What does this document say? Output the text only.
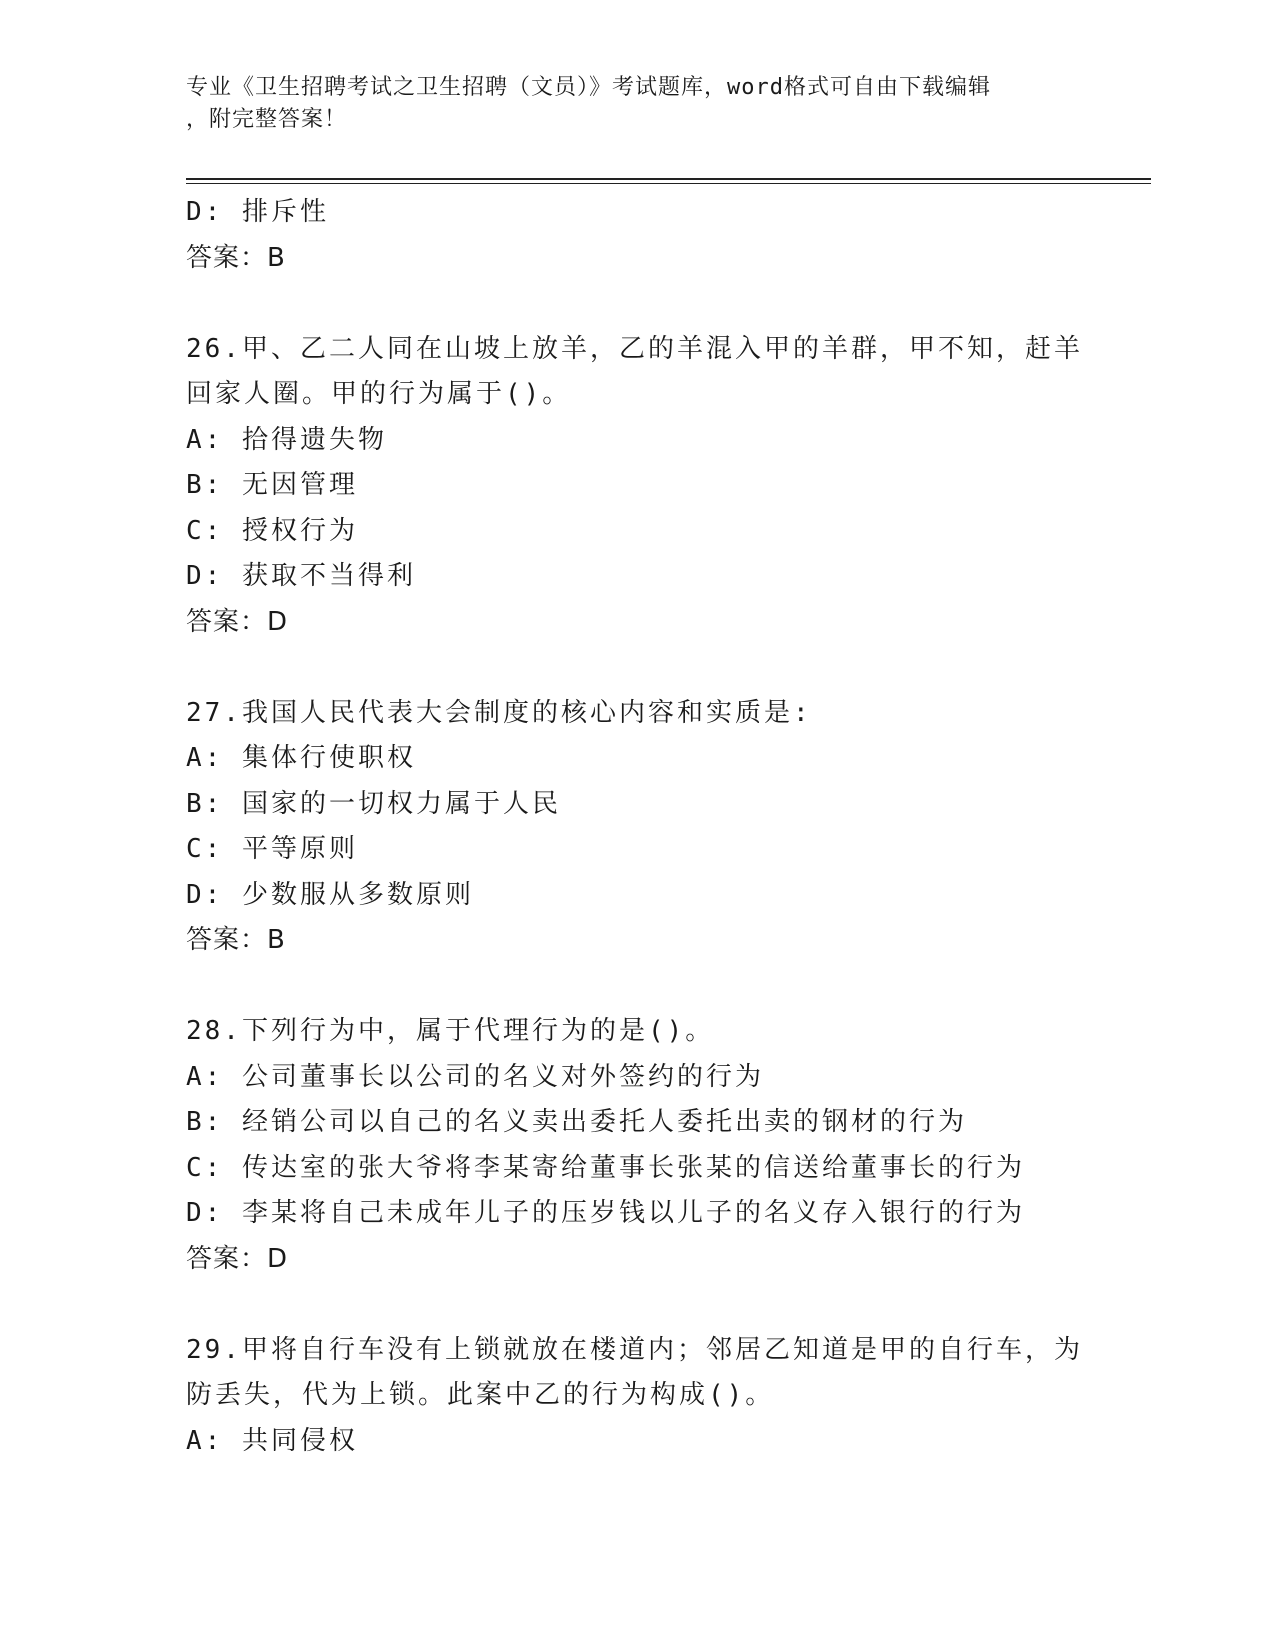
专业《卫生招聘考试之卫生招聘（文员）》考试题库，word格式可自由下载编辑
，附完整答案！
D: 排斥性
答案：B
26.甲、乙二人同在山坡上放羊，乙的羊混入甲的羊群，甲不知，赶羊
回家人圈。甲的行为属于()。
A: 拾得遗失物
B: 无因管理
C: 授权行为
D: 获取不当得利
答案：D
27.我国人民代表大会制度的核心内容和实质是:
A: 集体行使职权
B: 国家的一切权力属于人民
C: 平等原则
D: 少数服从多数原则
答案：B
28.下列行为中，属于代理行为的是()。
A: 公司董事长以公司的名义对外签约的行为
B: 经销公司以自己的名义卖出委托人委托出卖的钢材的行为
C: 传达室的张大爷将李某寄给董事长张某的信送给董事长的行为
D: 李某将自己未成年儿子的压岁钱以儿子的名义存入银行的行为
答案：D
29.甲将自行车没有上锁就放在楼道内；邻居乙知道是甲的自行车，为
防丢失，代为上锁。此案中乙的行为构成()。
A: 共同侵权
